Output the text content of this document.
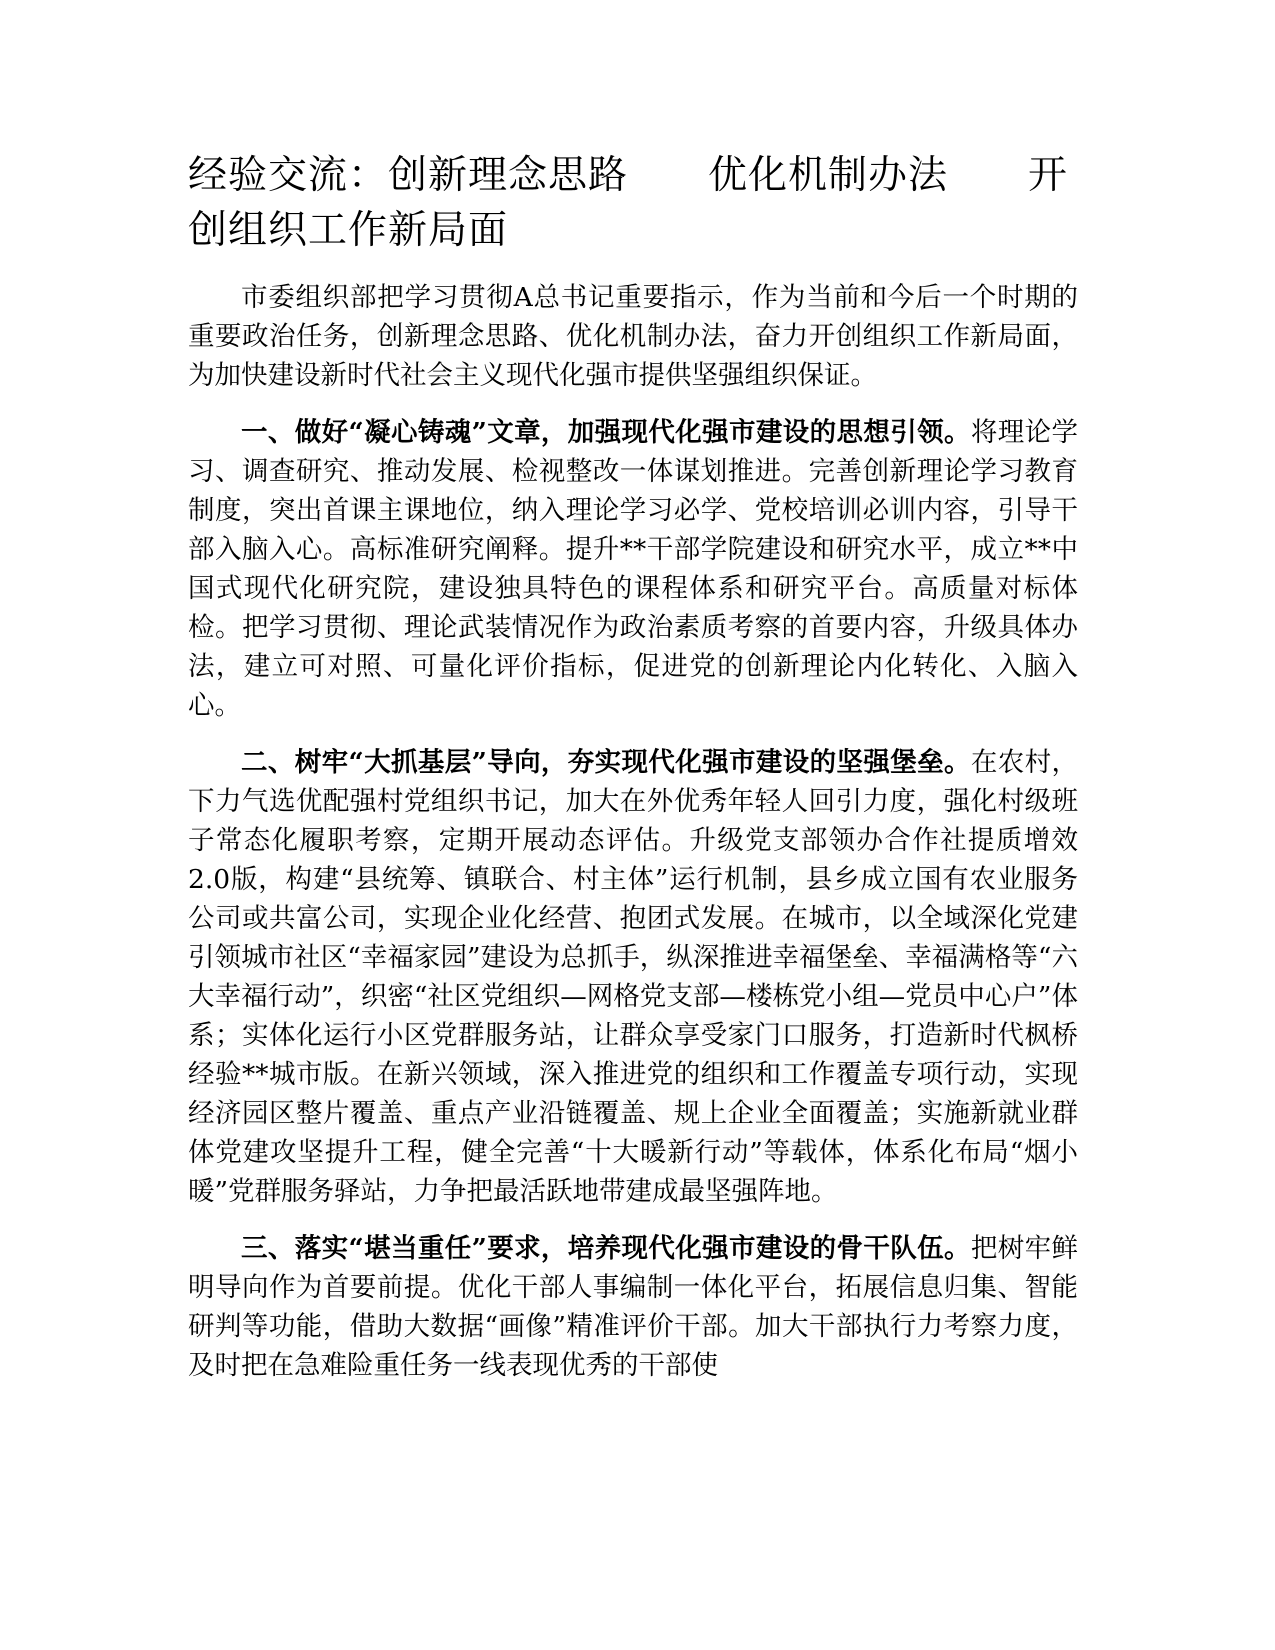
经验交流：创新理念思路　　优化机制办法　　开创组织工作新局面

市委组织部把学习贯彻A总书记重要指示，作为当前和今后一个时期的重要政治任务，创新理念思路、优化机制办法，奋力开创组织工作新局面，为加快建设新时代社会主义现代化强市提供坚强组织保证。

一、做好“凝心铸魂”文章，加强现代化强市建设的思想引领。将理论学习、调查研究、推动发展、检视整改一体谋划推进。完善创新理论学习教育制度，突出首课主课地位，纳入理论学习必学、党校培训必训内容，引导干部入脑入心。高标准研究阐释。提升**干部学院建设和研究水平，成立**中国式现代化研究院，建设独具特色的课程体系和研究平台。高质量对标体检。把学习贯彻、理论武装情况作为政治素质考察的首要内容，升级具体办法，建立可对照、可量化评价指标，促进党的创新理论内化转化、入脑入心。

二、树牢“大抓基层”导向，夯实现代化强市建设的坚强堡垒。在农村，下力气选优配强村党组织书记，加大在外优秀年轻人回引力度，强化村级班子常态化履职考察，定期开展动态评估。升级党支部领办合作社提质增效2.0版，构建“县统筹、镇联合、村主体”运行机制，县乡成立国有农业服务公司或共富公司，实现企业化经营、抱团式发展。在城市，以全域深化党建引领城市社区“幸福家园”建设为总抓手，纵深推进幸福堡垒、幸福满格等“六大幸福行动”，织密“社区党组织—网格党支部—楼栋党小组—党员中心户”体系；实体化运行小区党群服务站，让群众享受家门口服务，打造新时代枫桥经验**城市版。在新兴领域，深入推进党的组织和工作覆盖专项行动，实现经济园区整片覆盖、重点产业沿链覆盖、规上企业全面覆盖；实施新就业群体党建攻坚提升工程，健全完善“十大暖新行动”等载体，体系化布局“烟小暖”党群服务驿站，力争把最活跃地带建成最坚强阵地。

三、落实“堪当重任”要求，培养现代化强市建设的骨干队伍。把树牢鲜明导向作为首要前提。优化干部人事编制一体化平台，拓展信息归集、智能研判等功能，借助大数据“画像”精准评价干部。加大干部执行力考察力度，及时把在急难险重任务一线表现优秀的干部使
